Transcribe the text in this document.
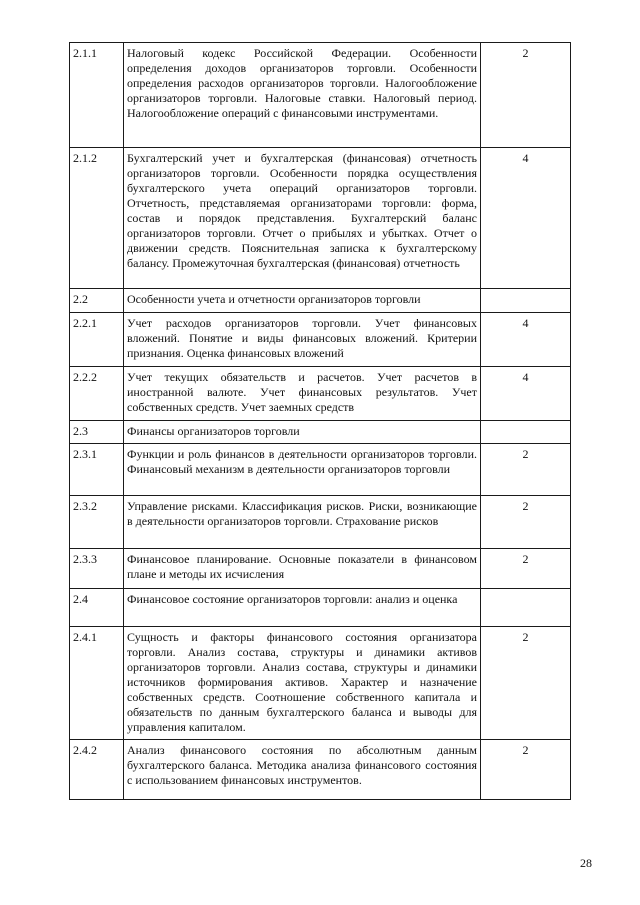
2.1.1	Налоговый кодекс Российской Федерации. Особенности определения доходов организаторов торговли. Особенности определения расходов организаторов торговли. Налогообложение организаторов торговли. Налоговые ставки. Налоговый период. Налогообложение операций с финансовыми инструментами.	2
2.1.2	Бухгалтерский учет и бухгалтерская (финансовая) отчетность организаторов торговли. Особенности порядка осуществления бухгалтерского учета операций организаторов торговли. Отчетность, представляемая организаторами торговли: форма, состав и порядок представления. Бухгалтерский баланс организаторов торговли. Отчет о прибылях и убытках. Отчет о движении средств. Пояснительная записка к бухгалтерскому балансу. Промежуточная бухгалтерская (финансовая) отчетность	4
2.2	Особенности учета и отчетности организаторов торговли	
2.2.1	Учет расходов организаторов торговли. Учет финансовых вложений. Понятие и виды финансовых вложений. Критерии признания. Оценка финансовых вложений	4
2.2.2	Учет текущих обязательств и расчетов. Учет расчетов в иностранной валюте. Учет финансовых результатов. Учет собственных средств. Учет заемных средств	4
2.3	Финансы организаторов торговли	
2.3.1	Функции и роль финансов в деятельности организаторов торговли. Финансовый механизм в деятельности организаторов торговли	2
2.3.2	Управление рисками. Классификация рисков. Риски, возникающие в деятельности организаторов торговли. Страхование рисков	2
2.3.3	Финансовое планирование. Основные показатели в финансовом плане и методы их исчисления	2
2.4	Финансовое состояние организаторов торговли: анализ и оценка	
2.4.1	Сущность и факторы финансового состояния организатора торговли. Анализ состава, структуры и динамики активов организаторов торговли. Анализ состава, структуры и динамики источников формирования активов. Характер и назначение собственных средств. Соотношение собственного капитала и обязательств по данным бухгалтерского баланса и выводы для управления капиталом.	2
2.4.2	Анализ финансового состояния по абсолютным данным бухгалтерского баланса. Методика анализа финансового состояния с использованием финансовых инструментов.	2
28
